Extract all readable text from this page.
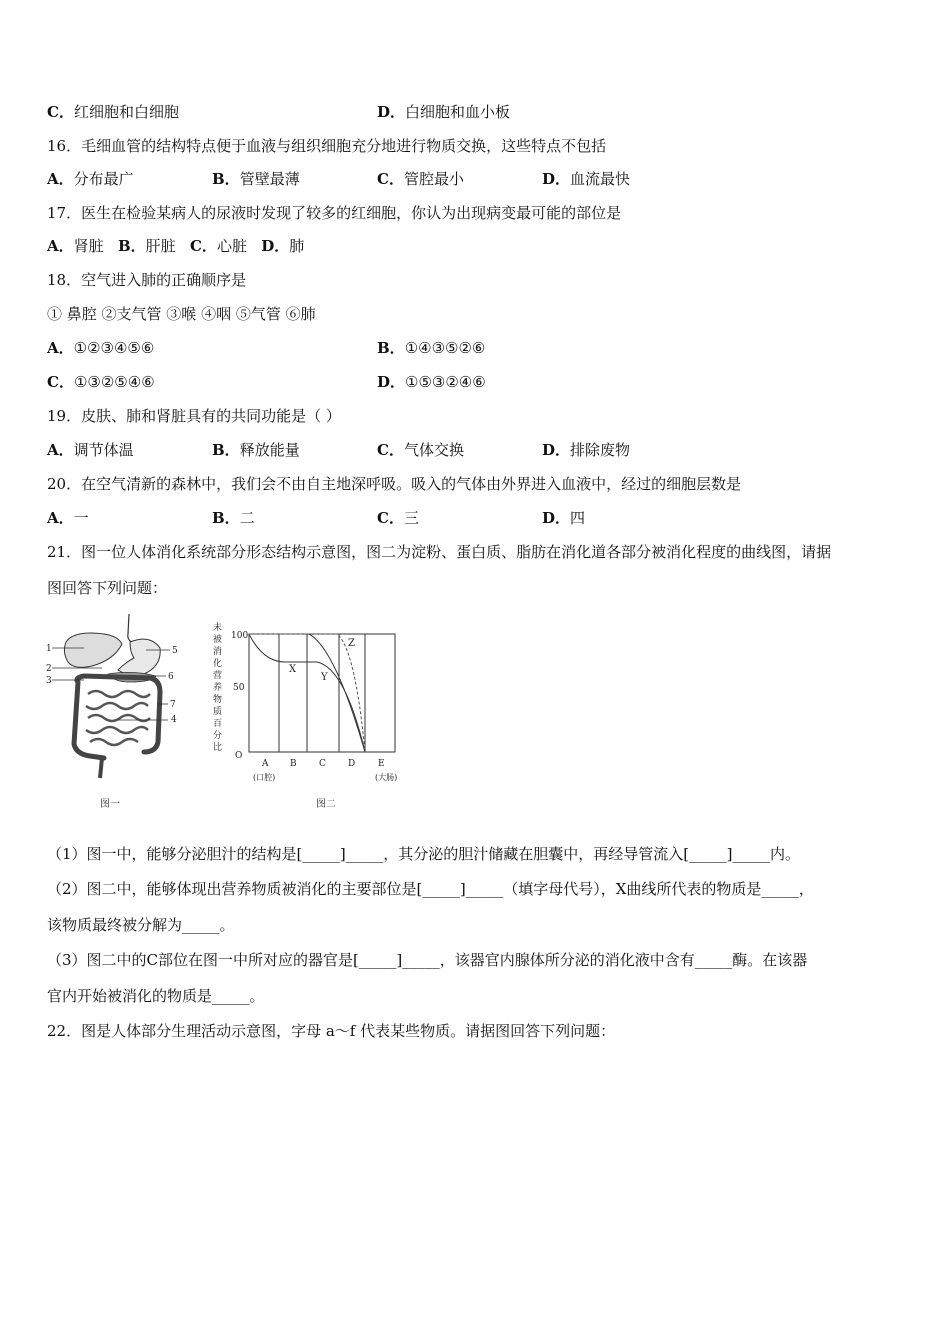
C．红细胞和白细胞	D．白细胞和血小板
16．毛细血管的结构特点便于血液与组织细胞充分地进行物质交换，这些特点不包括
A．分布最广	B．管壁最薄	C．管腔最小	D．血流最快
17．医生在检验某病人的尿液时发现了较多的红细胞，你认为出现病变最可能的部位是
A．肾脏 B．肝脏 C．心脏 D．肺
18．空气进入肺的正确顺序是
① 鼻腔 ②支气管 ③喉 ④咽 ⑤气管 ⑥肺
A．①②③④⑤⑥	B．①④③⑤②⑥
C．①③②⑤④⑥	D．①⑤③②④⑥
19．皮肤、肺和肾脏具有的共同功能是（ ）
A．调节体温	B．释放能量	C．气体交换	D．排除废物
20．在空气清新的森林中，我们会不由自主地深呼吸。吸入的气体由外界进入血液中，经过的细胞层数是
A．一	B．二	C．三	D．四
21．图一位人体消化系统部分形态结构示意图，图二为淀粉、蛋白质、脂肪在消化道各部分被消化程度的曲线图，请据
图回答下列问题：
1
2
3
4
5
6
7
图一
未
被
消
化
营
养
物
质
百
分
比
100
50
O
X
Y
Z
A B C D	E
(口腔)	(大肠)
图二
（1）图一中，能够分泌胆汁的结构是[_____]_____，其分泌的胆汁储藏在胆囊中，再经导管流入[_____]_____内。
（2）图二中，能够体现出营养物质被消化的主要部位是[_____]_____（填字母代号），X曲线所代表的物质是_____，
该物质最终被分解为_____。
（3）图二中的C部位在图一中所对应的器官是[_____]_____，该器官内腺体所分泌的消化液中含有_____酶。在该器
官内开始被消化的物质是_____。
22．图是人体部分生理活动示意图，字母 a～f 代表某些物质。请据图回答下列问题：
